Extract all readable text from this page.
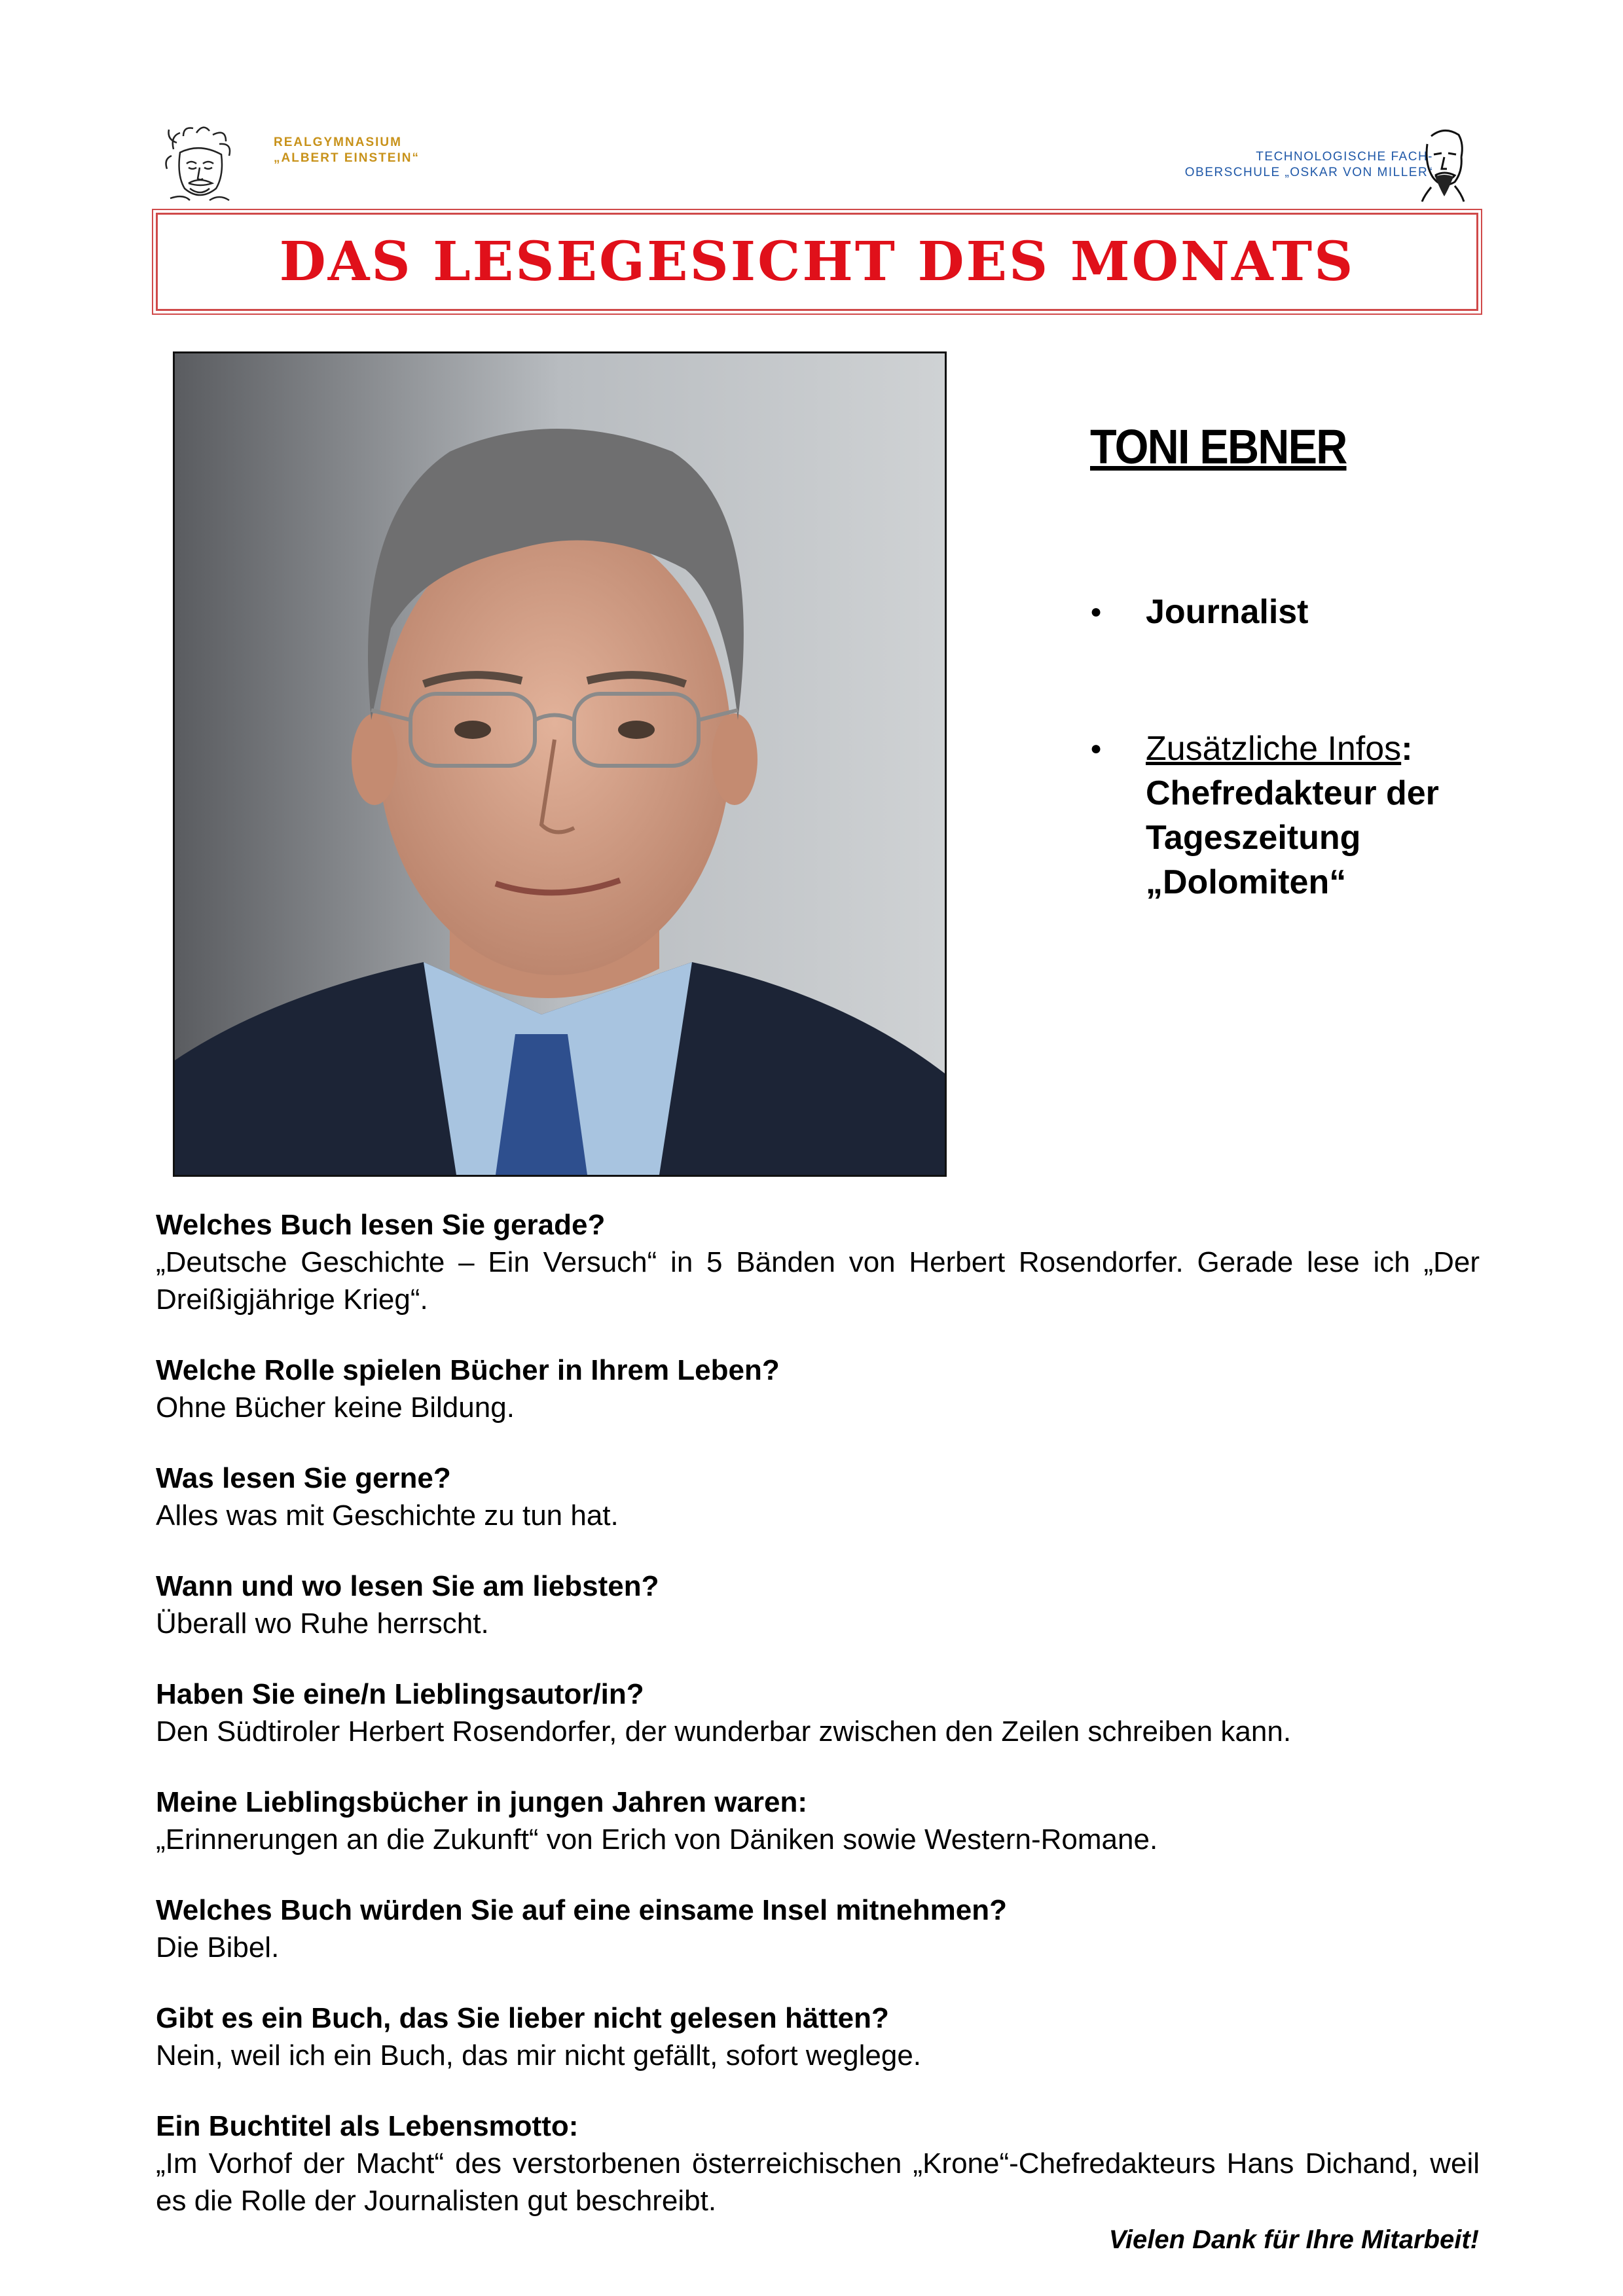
REALGYMNASIUM
„ALBERT EINSTEIN“	TECHNOLOGISCHE FACH-
OBERSCHULE „OSKAR VON MILLER“
DAS LESEGESICHT DES MONATS
TONI EBNER
●	Journalist
●	Zusätzliche Infos:
Chefredakteur der
Tageszeitung
„Dolomiten“
Welches Buch lesen Sie gerade?
„Deutsche Geschichte – Ein Versuch“ in 5 Bänden von Herbert Rosendorfer. Gerade lese ich „Der Dreißigjährige Krieg“.
Welche Rolle spielen Bücher in Ihrem Leben?
Ohne Bücher keine Bildung.
Was lesen Sie gerne?
Alles was mit Geschichte zu tun hat.
Wann und wo lesen Sie am liebsten?
Überall wo Ruhe herrscht.
Haben Sie eine/n Lieblingsautor/in?
Den Südtiroler Herbert Rosendorfer, der wunderbar zwischen den Zeilen schreiben kann.
Meine Lieblingsbücher in jungen Jahren waren:
„Erinnerungen an die Zukunft“ von Erich von Däniken sowie Western-Romane.
Welches Buch würden Sie auf eine einsame Insel mitnehmen?
Die Bibel.
Gibt es ein Buch, das Sie lieber nicht gelesen hätten?
Nein, weil ich ein Buch, das mir nicht gefällt, sofort weglege.
Ein Buchtitel als Lebensmotto:
„Im Vorhof der Macht“ des verstorbenen österreichischen „Krone“-Chefredakteurs Hans Dichand, weil es die Rolle der Journalisten gut beschreibt.
Vielen Dank für Ihre Mitarbeit!
